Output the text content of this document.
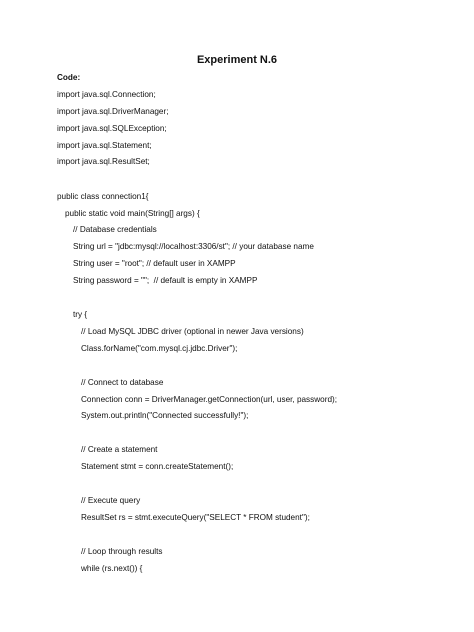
Experiment N.6
Code:
import java.sql.Connection;
import java.sql.DriverManager;
import java.sql.SQLException;
import java.sql.Statement;
import java.sql.ResultSet;
public class connection1{
public static void main(String[] args) {
// Database credentials
String url = "jdbc:mysql://localhost:3306/st"; // your database name
String user = "root"; // default user in XAMPP
String password = "";  // default is empty in XAMPP
try {
// Load MySQL JDBC driver (optional in newer Java versions)
Class.forName("com.mysql.cj.jdbc.Driver");
// Connect to database
Connection conn = DriverManager.getConnection(url, user, password);
System.out.println("Connected successfully!");
// Create a statement
Statement stmt = conn.createStatement();
// Execute query
ResultSet rs = stmt.executeQuery("SELECT * FROM student");
// Loop through results
while (rs.next()) {
